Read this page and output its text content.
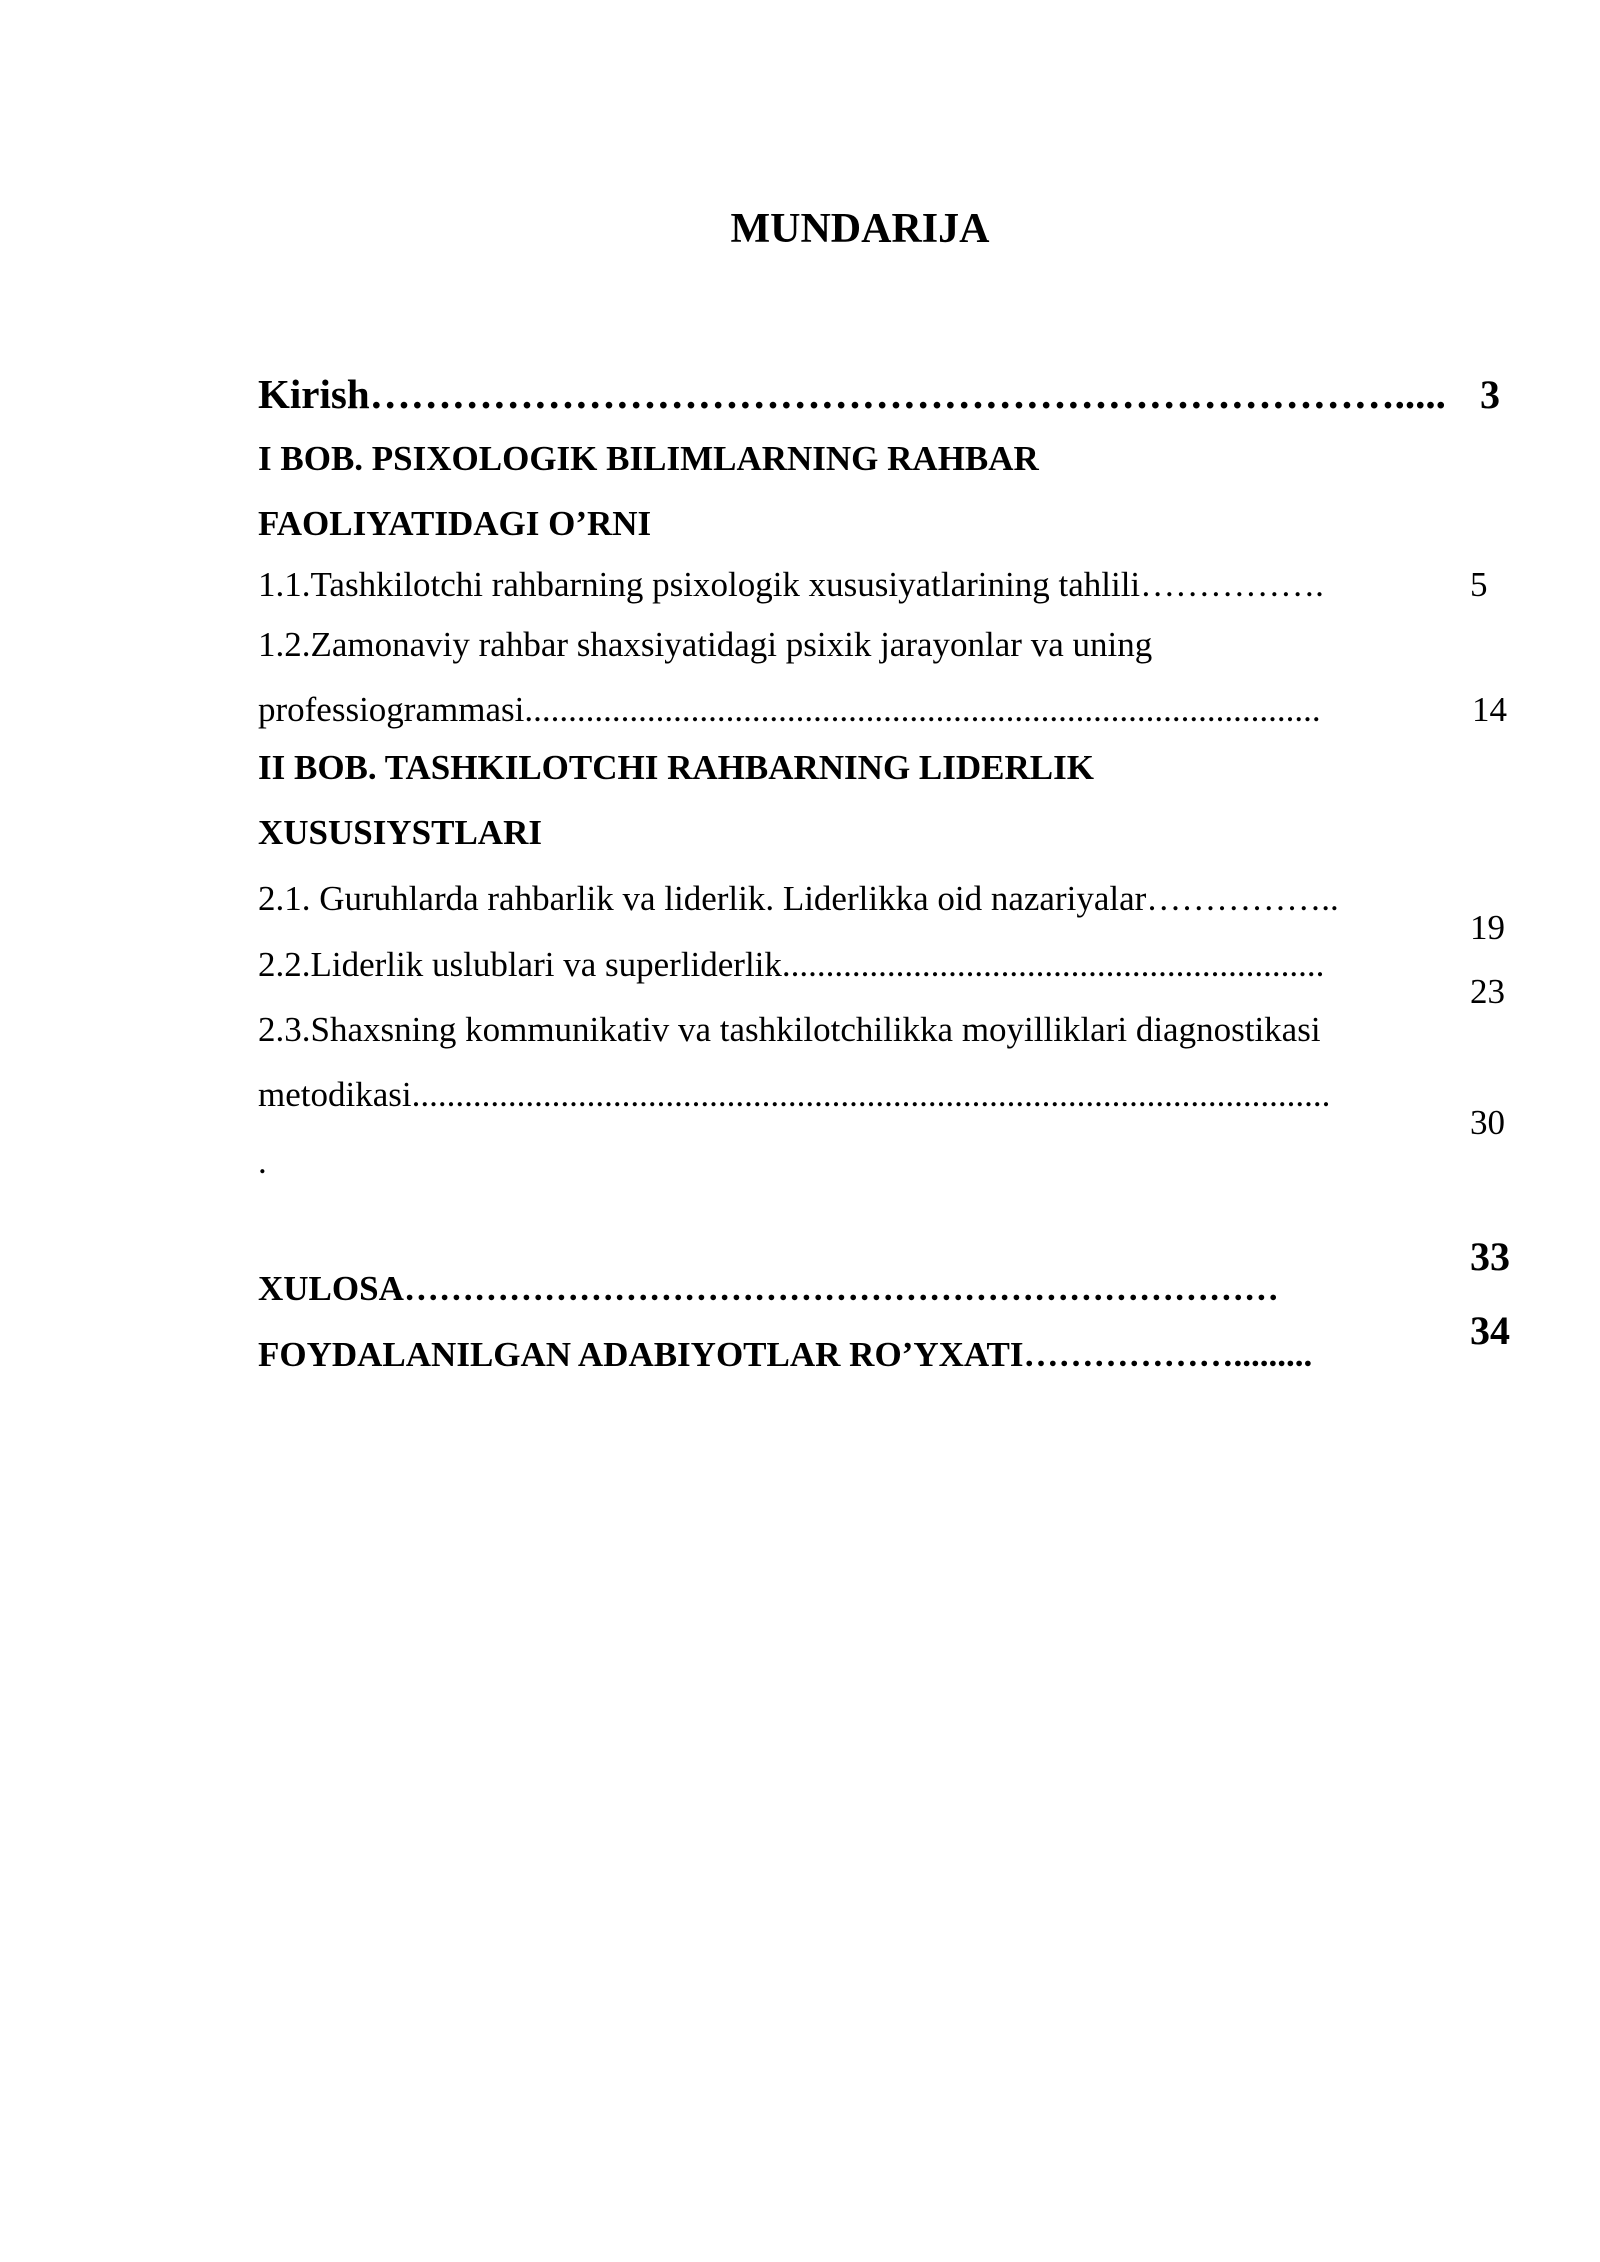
MUNDARIJA
Kirish…………………………………………………………………..... 3
I BOB. PSIXOLOGIK BILIMLARNING RAHBAR
FAOLIYATIDAGI O’RNI
1.1.Tashkilotchi rahbarning psixologik xususiyatlarining tahlili…………….	5
1.2.Zamonaviy rahbar shaxsiyatidagi psixik jarayonlar va uning
professiogrammasi...........................................................................................	14
II BOB. TASHKILOTCHI RAHBARNING LIDERLIK
XUSUSIYSTLARI
2.1. Guruhlarda rahbarlik va liderlik. Liderlikka oid nazariyalar……………..
19
2.2.Liderlik uslublari va superliderlik..............................................................
23
2.3.Shaxsning kommunikativ va tashkilotchilikka moyilliklari diagnostikasi
metodikasi.........................................................................................................
30
.
XULOSA…………………………………………………………………
33
FOYDALANILGAN ADABIYOTLAR RO’YXATI……………….........
34
